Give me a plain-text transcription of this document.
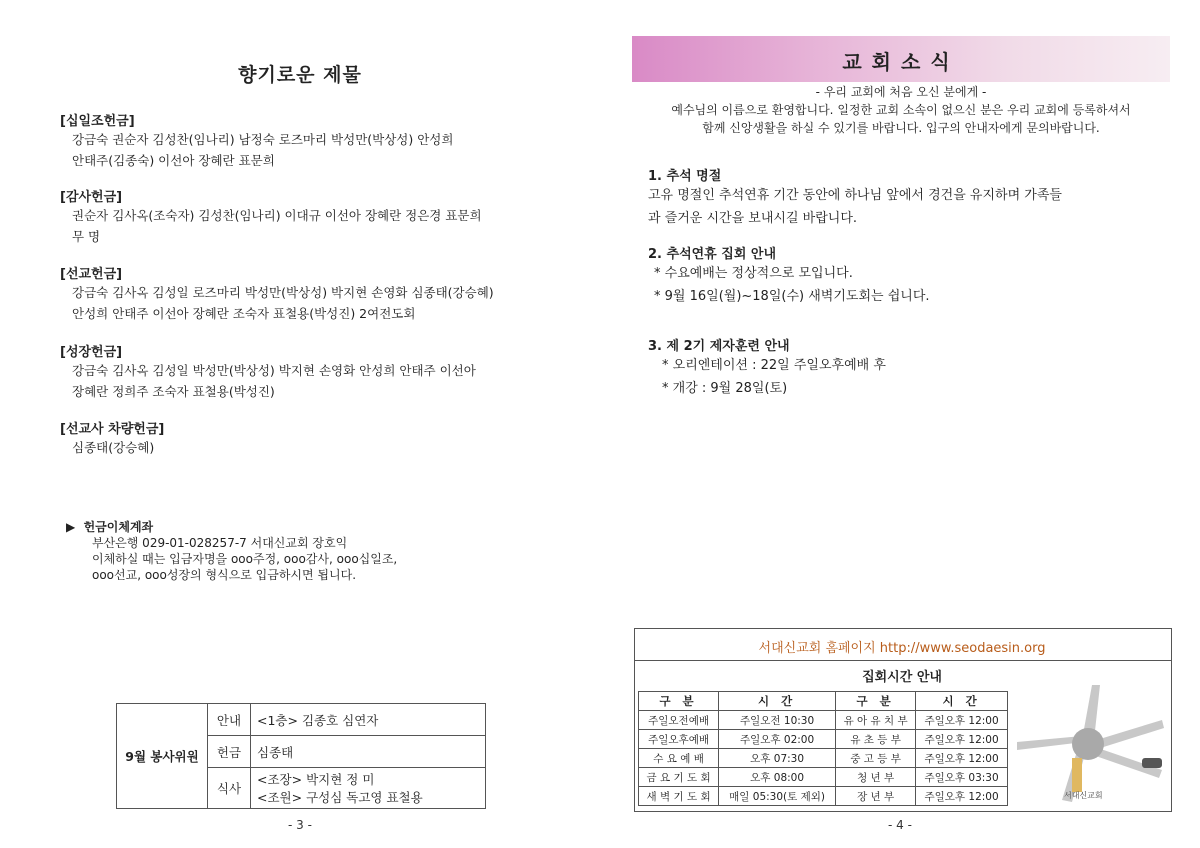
향기로운 제물
[십일조헌금]
강금숙 권순자 김성찬(임나리) 남정숙 로즈마리 박성만(박상성) 안성희
안태주(김종숙) 이선아 장혜란 표문희
[감사헌금]
권순자 김사옥(조숙자) 김성찬(임나리) 이대규 이선아 장혜란 정은경 표문희
무 명
[선교헌금]
강금숙 김사옥 김성일 로즈마리 박성만(박상성) 박지현 손영화 심종태(강승혜)
안성희 안태주 이선아 장혜란 조숙자 표철용(박성진) 2여전도회
[성장헌금]
강금숙 김사옥 김성일 박성만(박상성) 박지현 손영화 안성희 안태주 이선아
장혜란 정희주 조숙자 표철용(박성진)
[선교사 차량헌금]
심종태(강승혜)
▶ 헌금이체계좌
부산은행 029-01-028257-7 서대신교회 장호익
이체하실 때는 입금자명을 ooo주정, ooo감사, ooo십일조,
ooo선교, ooo성장의 형식으로 입금하시면 됩니다.
9월 봉사위원	안내	<1층> 김종호 심연자
	헌금	심종태
	식사	<조장> 박지현 정 미
<조원> 구성심 독고영 표철용
- 3 -
교회소식
- 우리 교회에 처음 오신 분에게 -
예수님의 이름으로 환영합니다. 일정한 교회 소속이 없으신 분은 우리 교회에 등록하셔서
함께 신앙생활을 하실 수 있기를 바랍니다. 입구의 안내자에게 문의바랍니다.
1. 추석 명절
고유 명절인 추석연휴 기간 동안에 하나님 앞에서 경건을 유지하며 가족들
과 즐거운 시간을 보내시길 바랍니다.
2. 추석연휴 집회 안내
* 수요예배는 정상적으로 모입니다.
* 9월 16일(월)~18일(수) 새벽기도회는 쉽니다.
3. 제 2기 제자훈련 안내
* 오리엔테이션 : 22일 주일오후예배 후
* 개강 : 9월 28일(토)
서대신교회 홈페이지 http://www.seodaesin.org
집회시간 안내
구 분	시 간	구 분	시 간
주일오전예배	주일오전 10:30	유 아 유 치 부	주일오후 12:00
주일오후예배	주일오후 02:00	유 초 등 부	주일오후 12:00
수 요 예 배	오후 07:30	중 고 등 부	주일오후 12:00
금 요 기 도 회	오후 08:00	청 년 부	주일오후 03:30
새 벽 기 도 회	매일 05:30(토 제외)	장 년 부	주일오후 12:00	서대신교회
- 4 -
